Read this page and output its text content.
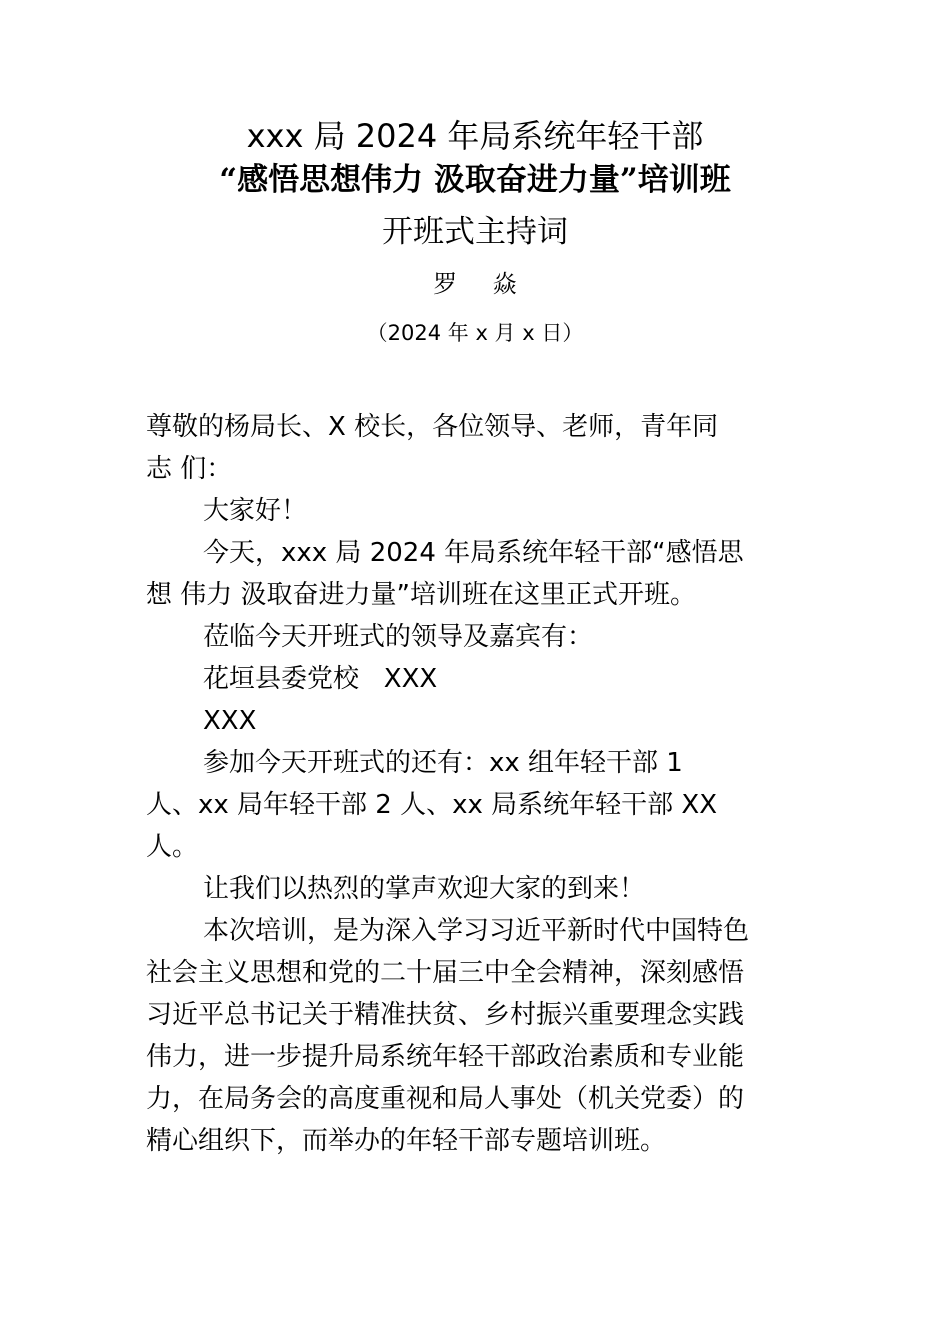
xxx 局 2024 年局系统年轻干部
“感悟思想伟力 汲取奋进力量”培训班
开班式主持词
罗 焱
（2024 年 x 月 x 日）

尊敬的杨局长、X 校长，各位领导、老师，青年同
志 们：

大家好！

今天，xxx 局 2024 年局系统年轻干部“感悟思
想 伟力 汲取奋进力量”培训班在这里正式开班。

莅临今天开班式的领导及嘉宾有：

花垣县委党校   XXX

XXX

参加今天开班式的还有：xx 组年轻干部 1
人、xx 局年轻干部 2 人、xx 局系统年轻干部 XX
人。

让我们以热烈的掌声欢迎大家的到来！

本次培训，是为深入学习习近平新时代中国特色
社会主义思想和党的二十届三中全会精神，深刻感悟
习近平总书记关于精准扶贫、乡村振兴重要理念实践
伟力，进一步提升局系统年轻干部政治素质和专业能
力，在局务会的高度重视和局人事处（机关党委）的
精心组织下，而举办的年轻干部专题培训班。
